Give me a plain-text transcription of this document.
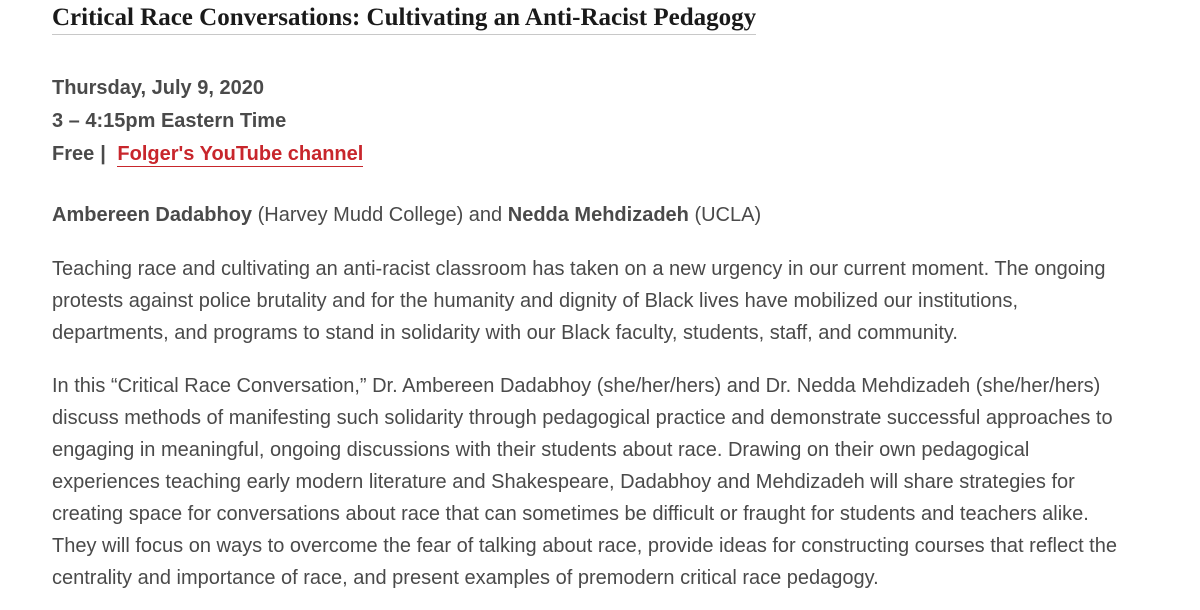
Critical Race Conversations: Cultivating an Anti-Racist Pedagogy
Thursday, July 9, 2020
3 – 4:15pm Eastern Time
Free | Folger's YouTube channel
Ambereen Dadabhoy (Harvey Mudd College) and Nedda Mehdizadeh (UCLA)

Teaching race and cultivating an anti-racist classroom has taken on a new urgency in our current moment. The ongoing
protests against police brutality and for the humanity and dignity of Black lives have mobilized our institutions,
departments, and programs to stand in solidarity with our Black faculty, students, staff, and community.

In this “Critical Race Conversation,” Dr. Ambereen Dadabhoy (she/her/hers) and Dr. Nedda Mehdizadeh (she/her/hers)
discuss methods of manifesting such solidarity through pedagogical practice and demonstrate successful approaches to
engaging in meaningful, ongoing discussions with their students about race. Drawing on their own pedagogical
experiences teaching early modern literature and Shakespeare, Dadabhoy and Mehdizadeh will share strategies for
creating space for conversations about race that can sometimes be difficult or fraught for students and teachers alike.
They will focus on ways to overcome the fear of talking about race, provide ideas for constructing courses that reflect the
centrality and importance of race, and present examples of premodern critical race pedagogy.
